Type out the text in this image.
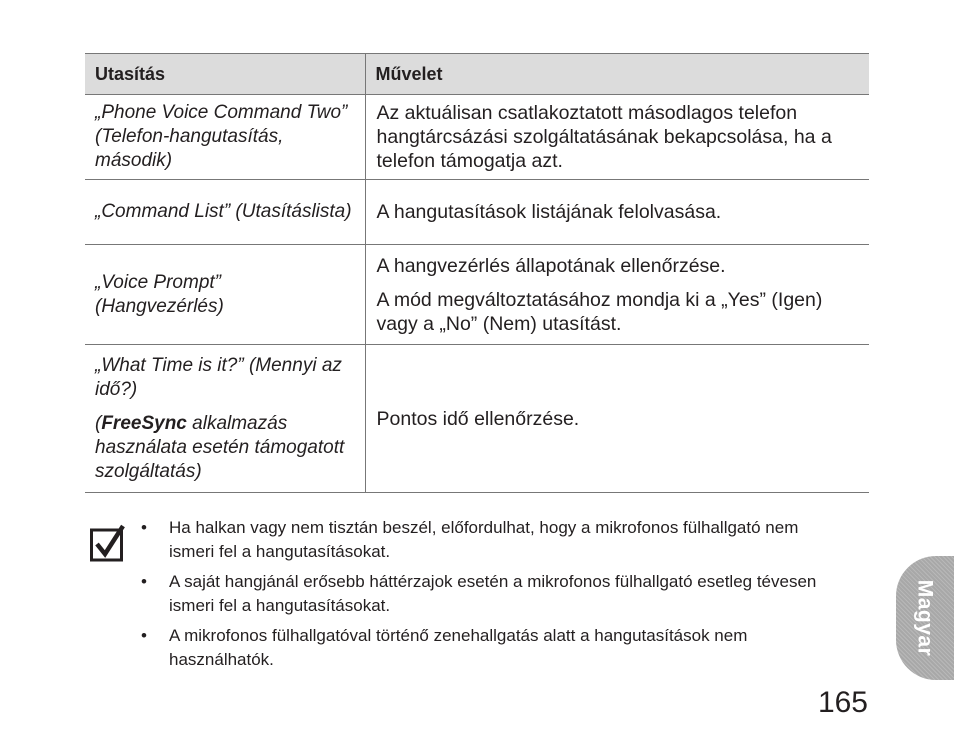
Utasítás	Művelet
„Phone Voice Command Two” (Telefon-hangutasítás, második)	Az aktuálisan csatlakoztatott másodlagos telefon hangtárcsázási szolgáltatásának bekapcsolása, ha a telefon támogatja azt.

„Command List” (Utasításlista)	A hangutasítások listájának felolvasása.

„Voice Prompt” (Hangvezérlés)	A hangvezérlés állapotának ellenőrzése.
A mód megváltoztatásához mondja ki a „Yes” (Igen) vagy a „No” (Nem) utasítást.

„What Time is it?” (Mennyi az idő?)
(FreeSync alkalmazás használata esetén támogatott szolgáltatás)	Pontos idő ellenőrzése.
• Ha halkan vagy nem tisztán beszél, előfordulhat, hogy a mikrofonos fülhallgató nem ismeri fel a hangutasításokat.
• A saját hangjánál erősebb háttérzajok esetén a mikrofonos fülhallgató esetleg tévesen ismeri fel a hangutasításokat.
• A mikrofonos fülhallgatóval történő zenehallgatás alatt a hangutasítások nem használhatók.
Magyar
165
